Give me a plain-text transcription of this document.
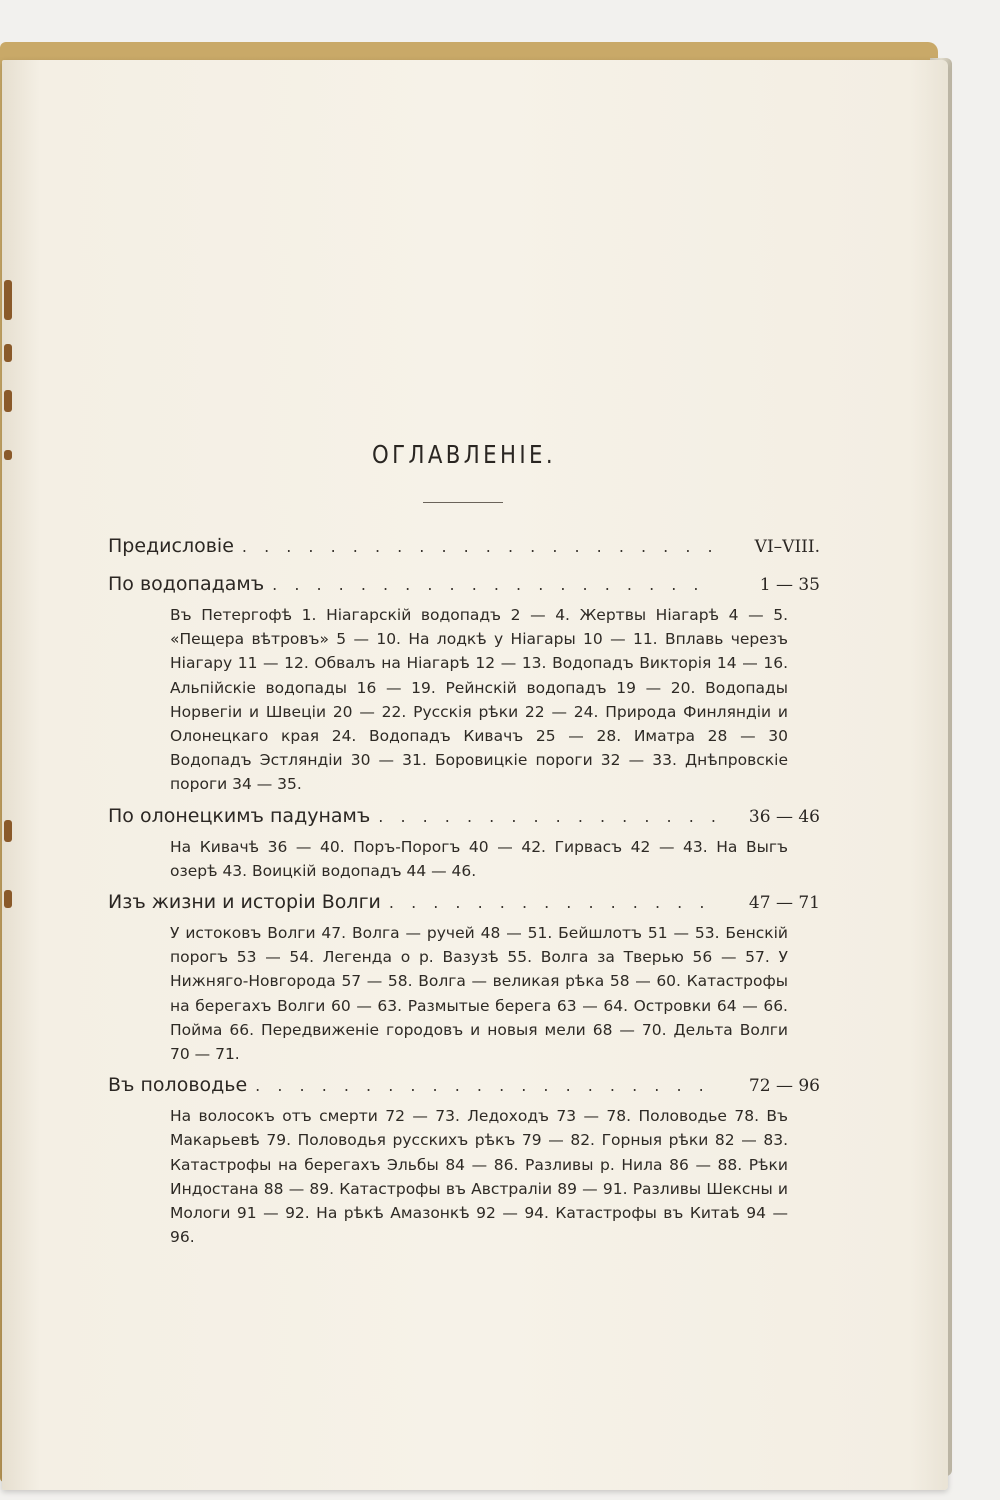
ОГЛАВЛЕНІЕ.
Предисловіе . . .	VI–VIII.
По водопадамъ . . .	1 — 35
Въ Петергофѣ 1. Ніагарскій водопадъ 2 — 4. Жертвы Ніагарѣ 4 — 5. «Пещера вѣтровъ» 5 — 10. На лодкѣ у Ніагары 10 — 11. Вплавь черезъ Ніагару 11 — 12. Обвалъ на Ніагарѣ 12 — 13. Водопадъ Викторія 14 — 16. Альпійскіе водопады 16 — 19. Рейнскій водопадъ 19 — 20. Водопады Норвегіи и Швеціи 20 — 22. Русскія рѣки 22 — 24. Природа Финляндіи и Олонецкаго края 24. Водопадъ Кивачъ 25 — 28. Иматра 28 — 30 Водопадъ Эстляндіи 30 — 31. Боровицкіе пороги 32 — 33. Днѣпровскіе пороги 34 — 35.
По олонецкимъ падунамъ . . .	36 — 46
На Кивачѣ 36 — 40. Поръ-Порогъ 40 — 42. Гирвасъ 42 — 43. На Выгъ озерѣ 43. Воицкій водопадъ 44 — 46.
Изъ жизни и исторіи Волги . . .	47 — 71
У истоковъ Волги 47. Волга — ручей 48 — 51. Бейшлотъ 51 — 53. Бенскій порогъ 53 — 54. Легенда о р. Вазузѣ 55. Волга за Тверью 56 — 57. У Нижняго-Новгорода 57 — 58. Волга — великая рѣка 58 — 60. Катастрофы на берегахъ Волги 60 — 63. Размытые берега 63 — 64. Островки 64 — 66. Пойма 66. Передвиженіе городовъ и новыя мели 68 — 70. Дельта Волги 70 — 71.
Въ половодье . . .	72 — 96
На волосокъ отъ смерти 72 — 73. Ледоходъ 73 — 78. Половодье 78. Въ Макарьевѣ 79. Половодья русскихъ рѣкъ 79 — 82. Горныя рѣки 82 — 83. Катастрофы на берегахъ Эльбы 84 — 86. Разливы р. Нила 86 — 88. Рѣки Индостана 88 — 89. Катастрофы въ Австраліи 89 — 91. Разливы Шексны и Мологи 91 — 92. На рѣкѣ Амазонкѣ 92 — 94. Катастрофы въ Китаѣ 94 — 96.
